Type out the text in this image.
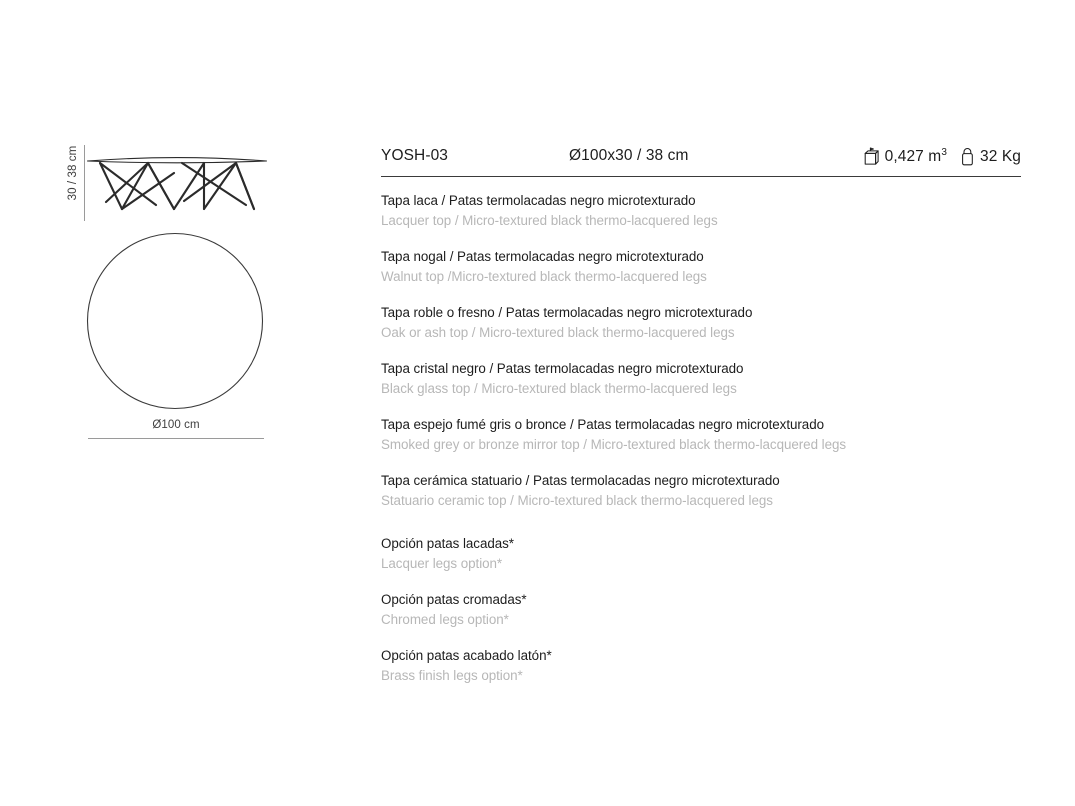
30 / 38 cm
Ø100 cm
YOSH-03	Ø100x30 / 38 cm	0,427 $m^3$ 32 Kg
Tapa laca / Patas termolacadas negro microtexturado
Lacquer top / Micro-textured black thermo-lacquered legs
Tapa nogal / Patas termolacadas negro microtexturado
Walnut top /Micro-textured black thermo-lacquered legs
Tapa roble o fresno / Patas termolacadas negro microtexturado
Oak or ash top / Micro-textured black thermo-lacquered legs
Tapa cristal negro / Patas termolacadas negro microtexturado
Black glass top / Micro-textured black thermo-lacquered legs
Tapa espejo fumé gris o bronce / Patas termolacadas negro microtexturado
Smoked grey or bronze mirror top / Micro-textured black thermo-lacquered legs
Tapa cerámica statuario / Patas termolacadas negro microtexturado
Statuario ceramic top / Micro-textured black thermo-lacquered legs
Opción patas lacadas*
Lacquer legs option*
Opción patas cromadas*
Chromed legs option*
Opción patas acabado latón*
Brass finish legs option*
